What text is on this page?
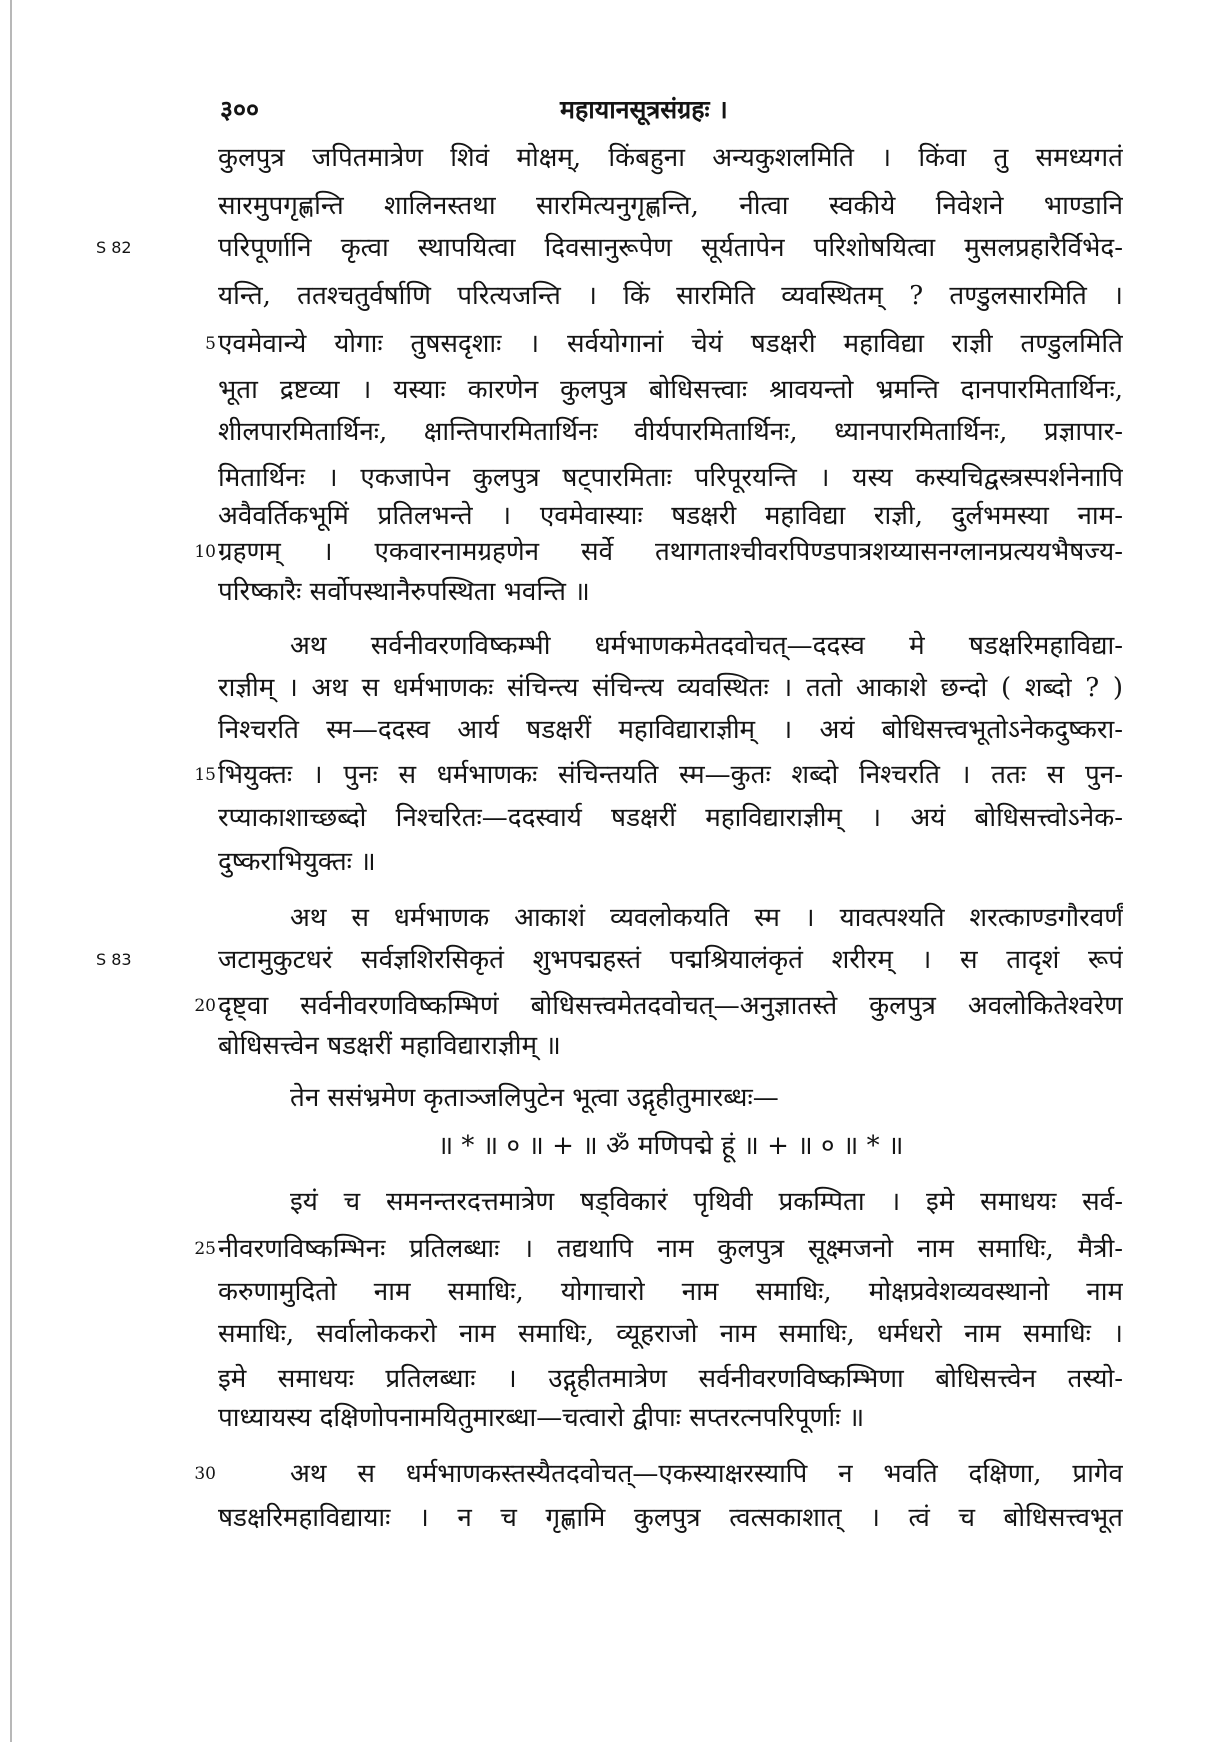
३००	महायानसूत्रसंग्रहः ।
S 82
S 83
5
10
15
20
25
30
कुलपुत्र जपितमात्रेण शिवं मोक्षम्, किंबहुना अन्यकुशलमिति । किंवा तु समध्यगतं
सारमुपगृह्णन्ति शालिनस्तथा सारमित्यनुगृह्णन्ति, नीत्वा स्वकीये निवेशने भाण्डानि
परिपूर्णानि कृत्वा स्थापयित्वा दिवसानुरूपेण सूर्यतापेन परिशोषयित्वा मुसलप्रहारैर्विभेद-
यन्ति, ततश्चतुर्वर्षाणि परित्यजन्ति । किं सारमिति व्यवस्थितम् ? तण्डुलसारमिति ।
एवमेवान्ये योगाः तुषसदृशाः । सर्वयोगानां चेयं षडक्षरी महाविद्या राज्ञी तण्डुलमिति
भूता द्रष्टव्या । यस्याः कारणेन कुलपुत्र बोधिसत्त्वाः श्रावयन्तो भ्रमन्ति दानपारमितार्थिनः,
शीलपारमितार्थिनः, क्षान्तिपारमितार्थिनः वीर्यपारमितार्थिनः, ध्यानपारमितार्थिनः, प्रज्ञापार-
मितार्थिनः । एकजापेन कुलपुत्र षट्पारमिताः परिपूरयन्ति । यस्य कस्यचिद्वस्त्रस्पर्शनेनापि
अवैवर्तिकभूमिं प्रतिलभन्ते । एवमेवास्याः षडक्षरी महाविद्या राज्ञी, दुर्लभमस्या नाम-
ग्रहणम् । एकवारनामग्रहणेन सर्वे तथागताश्चीवरपिण्डपात्रशय्यासनग्लानप्रत्ययभैषज्य-
परिष्कारैः सर्वोपस्थानैरुपस्थिता भवन्ति ॥
अथ सर्वनीवरणविष्कम्भी धर्मभाणकमेतदवोचत्—ददस्व मे षडक्षरिमहाविद्या-
राज्ञीम् । अथ स धर्मभाणकः संचिन्त्य संचिन्त्य व्यवस्थितः । ततो आकाशे छन्दो ( शब्दो ? )
निश्चरति स्म—ददस्व आर्य षडक्षरीं महाविद्याराज्ञीम् । अयं बोधिसत्त्वभूतोऽनेकदुष्करा-
भियुक्तः । पुनः स धर्मभाणकः संचिन्तयति स्म—कुतः शब्दो निश्चरति । ततः स पुन-
रप्याकाशाच्छब्दो निश्चरितः—ददस्वार्य षडक्षरीं महाविद्याराज्ञीम् । अयं बोधिसत्त्वोऽनेक-
दुष्कराभियुक्तः ॥
अथ स धर्मभाणक आकाशं व्यवलोकयति स्म । यावत्पश्यति शरत्काण्डगौरवर्णं
जटामुकुटधरं सर्वज्ञशिरसिकृतं शुभपद्महस्तं पद्मश्रियालंकृतं शरीरम् । स तादृशं रूपं
दृष्ट्वा सर्वनीवरणविष्कम्भिणं बोधिसत्त्वमेतदवोचत्—अनुज्ञातस्ते कुलपुत्र अवलोकितेश्वरेण
बोधिसत्त्वेन षडक्षरीं महाविद्याराज्ञीम् ॥
तेन ससंभ्रमेण कृताञ्जलिपुटेन भूत्वा उद्गृहीतुमारब्धः—
॥ * ॥ ० ॥ + ॥ ॐ मणिपद्मे हूं ॥ + ॥ ० ॥ * ॥
इयं च समनन्तरदत्तमात्रेण षड्विकारं पृथिवी प्रकम्पिता । इमे समाधयः सर्व-
नीवरणविष्कम्भिनः प्रतिलब्धाः । तद्यथापि नाम कुलपुत्र सूक्ष्मजनो नाम समाधिः, मैत्री-
करुणामुदितो नाम समाधिः, योगाचारो नाम समाधिः, मोक्षप्रवेशव्यवस्थानो नाम
समाधिः, सर्वालोककरो नाम समाधिः, व्यूहराजो नाम समाधिः, धर्मधरो नाम समाधिः ।
इमे समाधयः प्रतिलब्धाः । उद्गृहीतमात्रेण सर्वनीवरणविष्कम्भिणा बोधिसत्त्वेन तस्यो-
पाध्यायस्य दक्षिणोपनामयितुमारब्धा—चत्वारो द्वीपाः सप्तरत्नपरिपूर्णाः ॥
अथ स धर्मभाणकस्तस्यैतदवोचत्—एकस्याक्षरस्यापि न भवति दक्षिणा, प्रागेव
षडक्षरिमहाविद्यायाः । न च गृह्णामि कुलपुत्र त्वत्सकाशात् । त्वं च बोधिसत्त्वभूत
